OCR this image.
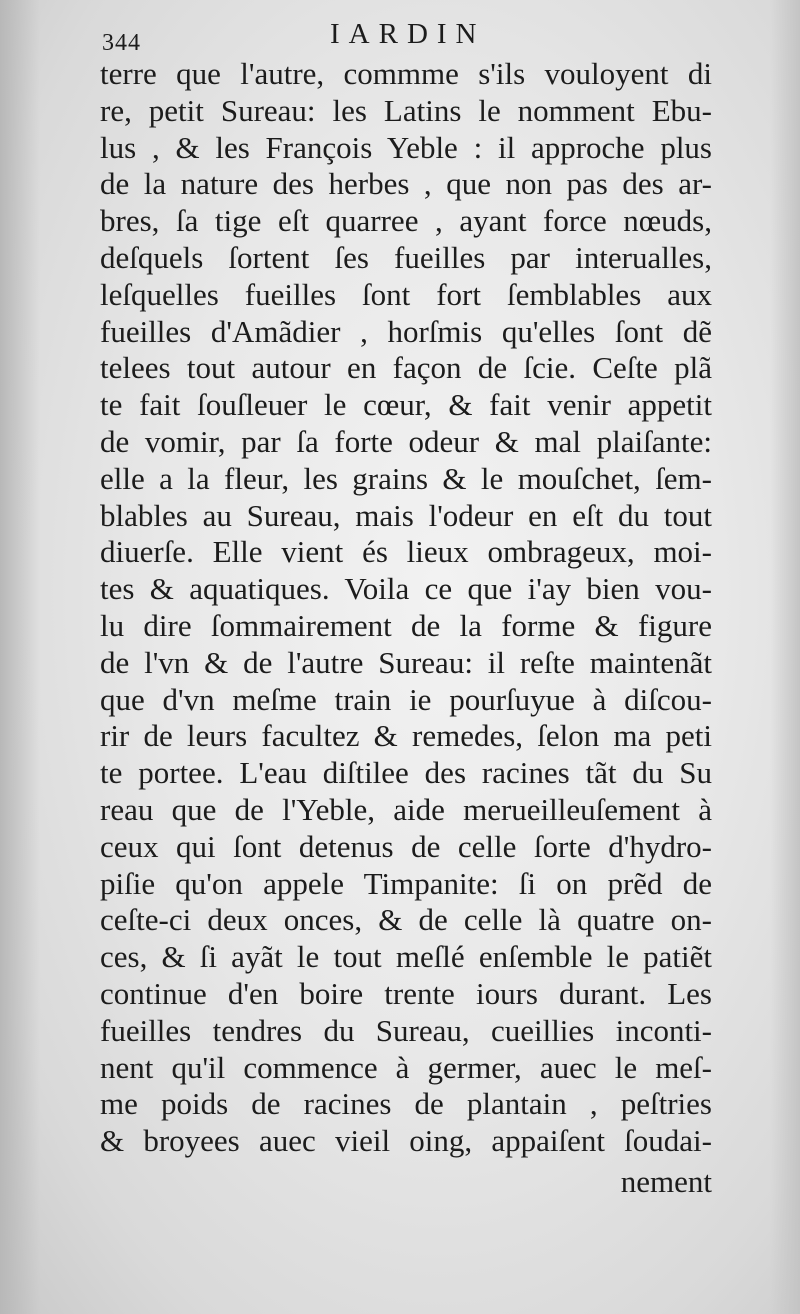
344	IARDIN
terre que l'autre, commme s'ils vouloyent di
re, petit Sureau: les Latins le nomment Ebu-
lus , & les François Yeble : il approche plus
de la nature des herbes , que non pas des ar-
bres, ſa tige eſt quarree , ayant force nœuds,
deſquels ſortent ſes fueilles par interualles,
leſquelles fueilles ſont fort ſemblables aux
fueilles d'Amãdier , horſmis qu'elles ſont dẽ
telees tout autour en façon de ſcie. Ceſte plã
te fait ſouſleuer le cœur, & fait venir appetit
de vomir, par ſa forte odeur & mal plaiſante:
elle a la fleur, les grains & le mouſchet, ſem-
blables au Sureau, mais l'odeur en eſt du tout
diuerſe. Elle vient és lieux ombrageux, moi-
tes & aquatiques. Voila ce que i'ay bien vou-
lu dire ſommairement de la forme & figure
de l'vn & de l'autre Sureau: il reſte maintenãt
que d'vn meſme train ie pourſuyue à diſcou-
rir de leurs facultez & remedes, ſelon ma peti
te portee. L'eau diſtilee des racines tãt du Su
reau que de l'Yeble, aide merueilleuſement à
ceux qui ſont detenus de celle ſorte d'hydro-
piſie qu'on appele Timpanite: ſi on prẽd de
ceſte-ci deux onces, & de celle là quatre on-
ces, & ſi ayãt le tout meſlé enſemble le patiẽt
continue d'en boire trente iours durant. Les
fueilles tendres du Sureau, cueillies inconti-
nent qu'il commence à germer, auec le meſ-
me poids de racines de plantain , peſtries
& broyees auec vieil oing, appaiſent ſoudai-
nement
